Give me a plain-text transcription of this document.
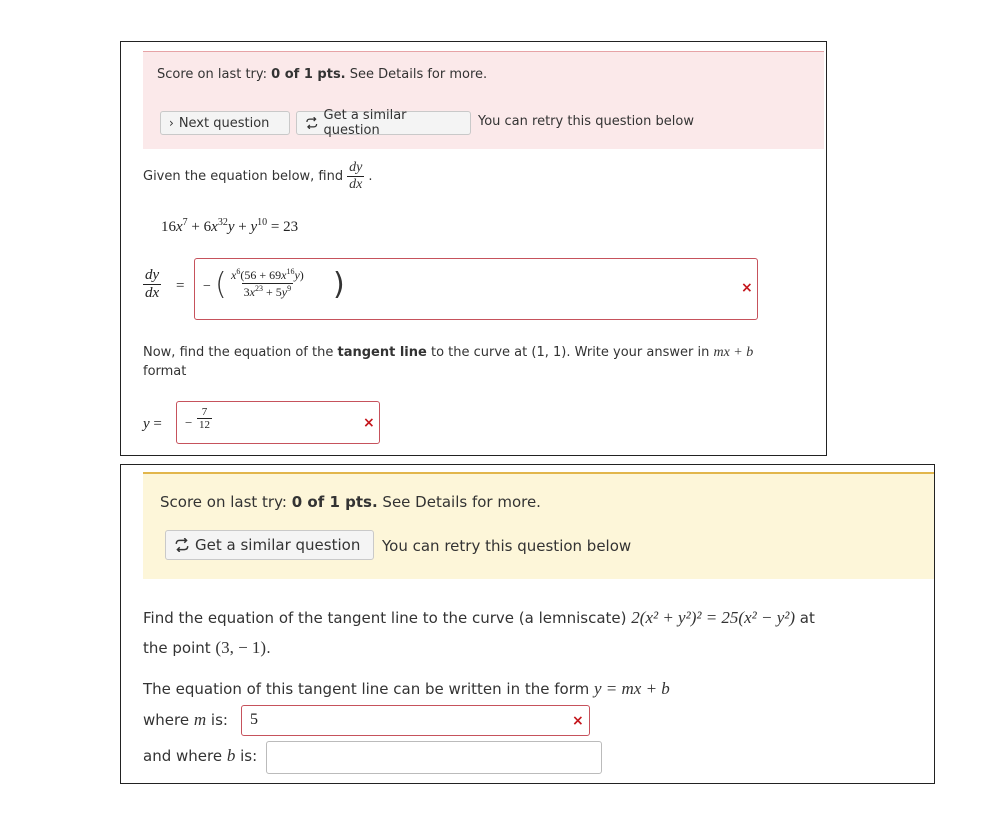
Score on last try: 0 of 1 pts. See Details for more.
› Next question	Get a similar question
You can retry this question below
Given the equation below, find $\frac{dy}{dx}$ .
$16x^7 + 6x^{32}y + y^{10} = 23$
$\frac{dy}{dx}$ = − ( $\frac{x^6(56 + 69x^{16}y)}{3x^{23} + 5y^9}$ )	×
Now, find the equation of the tangent line to the curve at (1, 1). Write your answer in mx + b
format
y = − $\frac{7}{12}$	×
Score on last try: 0 of 1 pts. See Details for more.
Get a similar question You can retry this question below
Find the equation of the tangent line to the curve (a lemniscate) 2(x² + y²)² = 25(x² − y²) at
the point (3, − 1).
The equation of this tangent line can be written in the form y = mx + b
where m is: 5	×
and where b is:
